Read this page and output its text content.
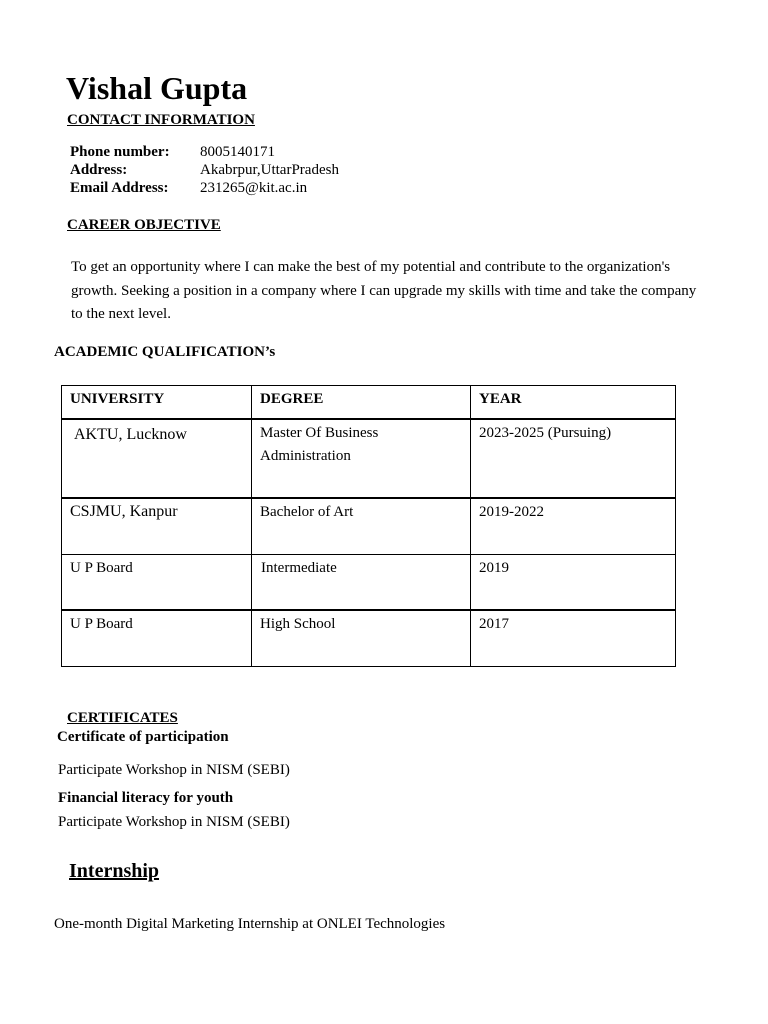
Vishal Gupta
CONTACT INFORMATION
Phone number: 8005140171
Address:	Akabrpur,UttarPradesh
Email Address: 231265@kit.ac.in
CAREER OBJECTIVE
To get an opportunity where I can make the best of my potential and contribute to the organization's growth. Seeking a position in a company where I can upgrade my skills with time and take the company to the next level.
ACADEMIC QUALIFICATION’s
UNIVERSITY	DEGREE	YEAR
AKTU, Lucknow	Master Of Business Administration	2023-2025 (Pursuing)
CSJMU, Kanpur	Bachelor of Art	2019-2022
U P Board	Intermediate	2019
U P Board	High School	2017
CERTIFICATES
Certificate of participation
Participate Workshop in NISM (SEBI)
Financial literacy for youth
Participate Workshop in NISM (SEBI)
Internship
One-month Digital Marketing Internship at ONLEI Technologies
